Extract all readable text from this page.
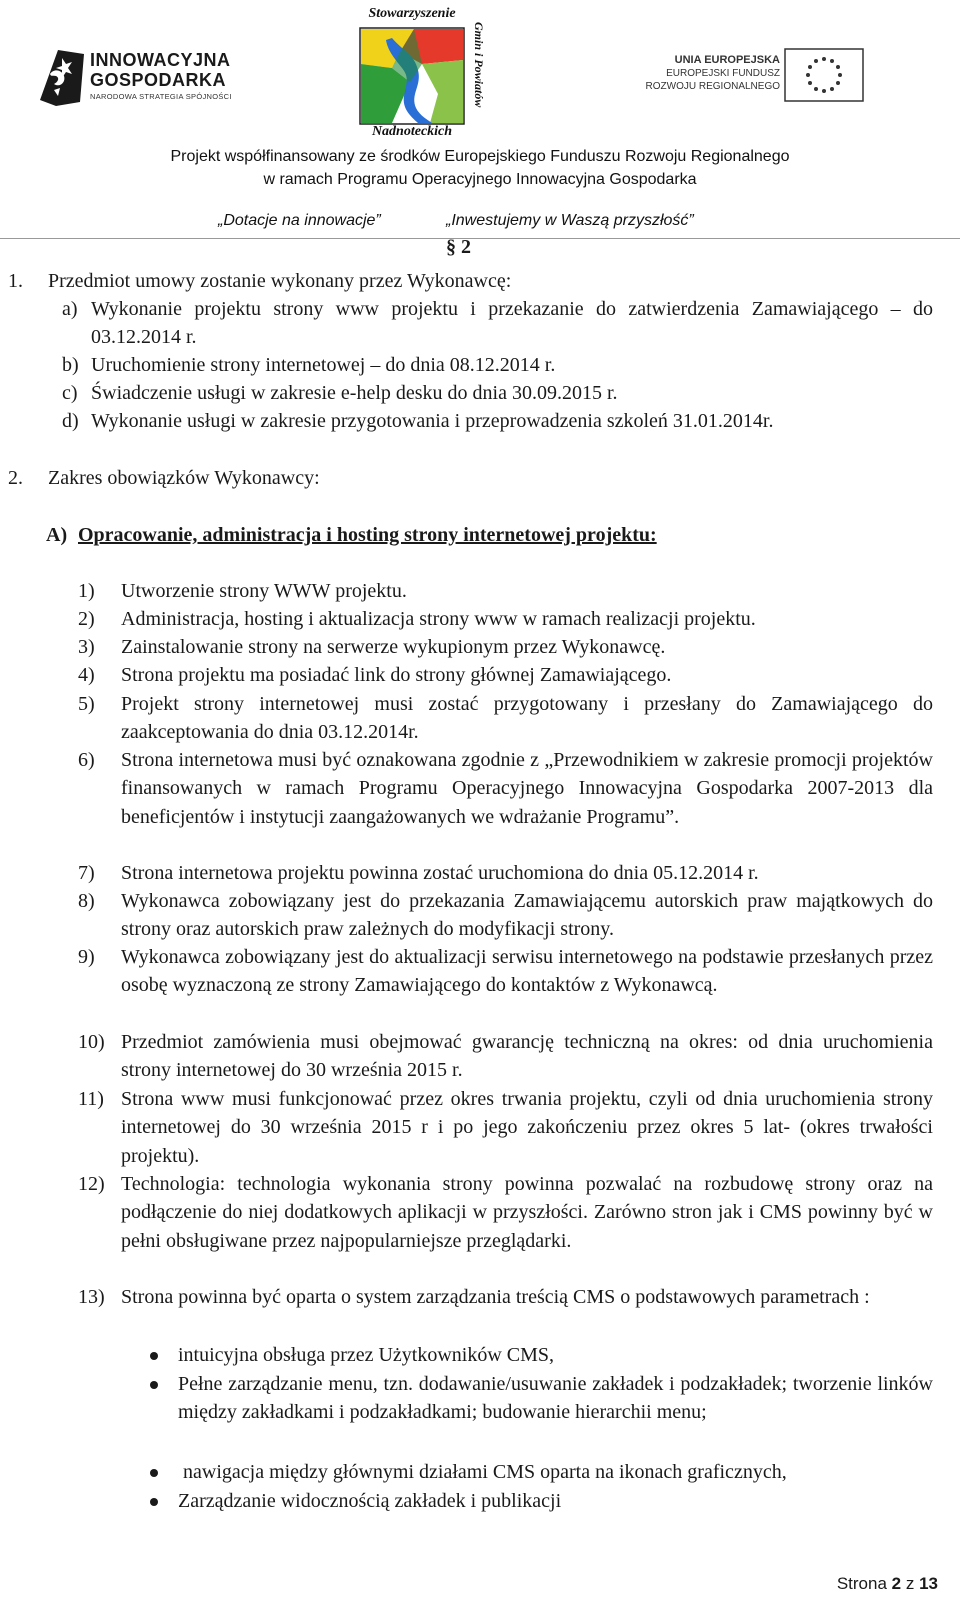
INNOWACYJNA
GOSPODARKA
NARODOWA STRATEGIA SPÓJNOŚCI
Stowarzyszenie
Gmin i Powiatów
Nadnoteckich
UNIA EUROPEJSKA
EUROPEJSKI FUNDUSZ
ROZWOJU REGIONALNEGO
Projekt współfinansowany ze środków Europejskiego Funduszu Rozwoju Regionalnego
w ramach Programu Operacyjnego Innowacyjna Gospodarka
„Dotacje na innowacje”	„Inwestujemy w Waszą przyszłość”
§ 2
1. Przedmiot umowy zostanie wykonany przez Wykonawcę:
a) Wykonanie projektu strony www projektu i przekazanie do zatwierdzenia Zamawiającego – do 03.12.2014 r.
b) Uruchomienie strony internetowej – do dnia 08.12.2014 r.
c) Świadczenie usługi w zakresie e-help desku do dnia 30.09.2015 r.
d) Wykonanie usługi w zakresie przygotowania i przeprowadzenia szkoleń 31.01.2014r.
2. Zakres obowiązków Wykonawcy:
A) Opracowanie, administracja i hosting strony internetowej projektu:
1) Utworzenie strony WWW projektu.
2) Administracja, hosting i aktualizacja strony www w ramach realizacji projektu.
3) Zainstalowanie strony na serwerze wykupionym przez Wykonawcę.
4) Strona projektu ma posiadać link do strony głównej Zamawiającego.
5) Projekt strony internetowej musi zostać przygotowany i przesłany do Zamawiającego do zaakceptowania do dnia 03.12.2014r.
6) Strona internetowa musi być oznakowana zgodnie z „Przewodnikiem w zakresie promocji projektów finansowanych w ramach Programu Operacyjnego Innowacyjna Gospodarka 2007-2013 dla beneficjentów i instytucji zaangażowanych we wdrażanie Programu”.
7) Strona internetowa projektu powinna zostać uruchomiona do dnia 05.12.2014 r.
8) Wykonawca zobowiązany jest do przekazania Zamawiającemu autorskich praw majątkowych do strony oraz autorskich praw zależnych do modyfikacji strony.
9) Wykonawca zobowiązany jest do aktualizacji serwisu internetowego na podstawie przesłanych przez osobę wyznaczoną ze strony Zamawiającego do kontaktów z Wykonawcą.
10) Przedmiot zamówienia musi obejmować gwarancję techniczną na okres: od dnia uruchomienia strony internetowej do 30 września 2015 r.
11) Strona www musi funkcjonować przez okres trwania projektu, czyli od dnia uruchomienia strony internetowej do 30 września 2015 r i po jego zakończeniu przez okres 5 lat- (okres trwałości projektu).
12) Technologia: technologia wykonania strony powinna pozwalać na rozbudowę strony oraz na podłączenie do niej dodatkowych aplikacji w przyszłości. Zarówno stron jak i CMS powinny być w pełni obsługiwane przez najpopularniejsze przeglądarki.
13) Strona powinna być oparta o system zarządzania treścią CMS o podstawowych parametrach :
intuicyjna obsługa przez Użytkowników CMS,
Pełne zarządzanie menu, tzn. dodawanie/usuwanie zakładek i podzakładek; tworzenie linków między zakładkami i podzakładkami; budowanie hierarchii menu;
nawigacja między głównymi działami CMS oparta na ikonach graficznych,
Zarządzanie widocznością zakładek i publikacji
Strona 2 z 13
